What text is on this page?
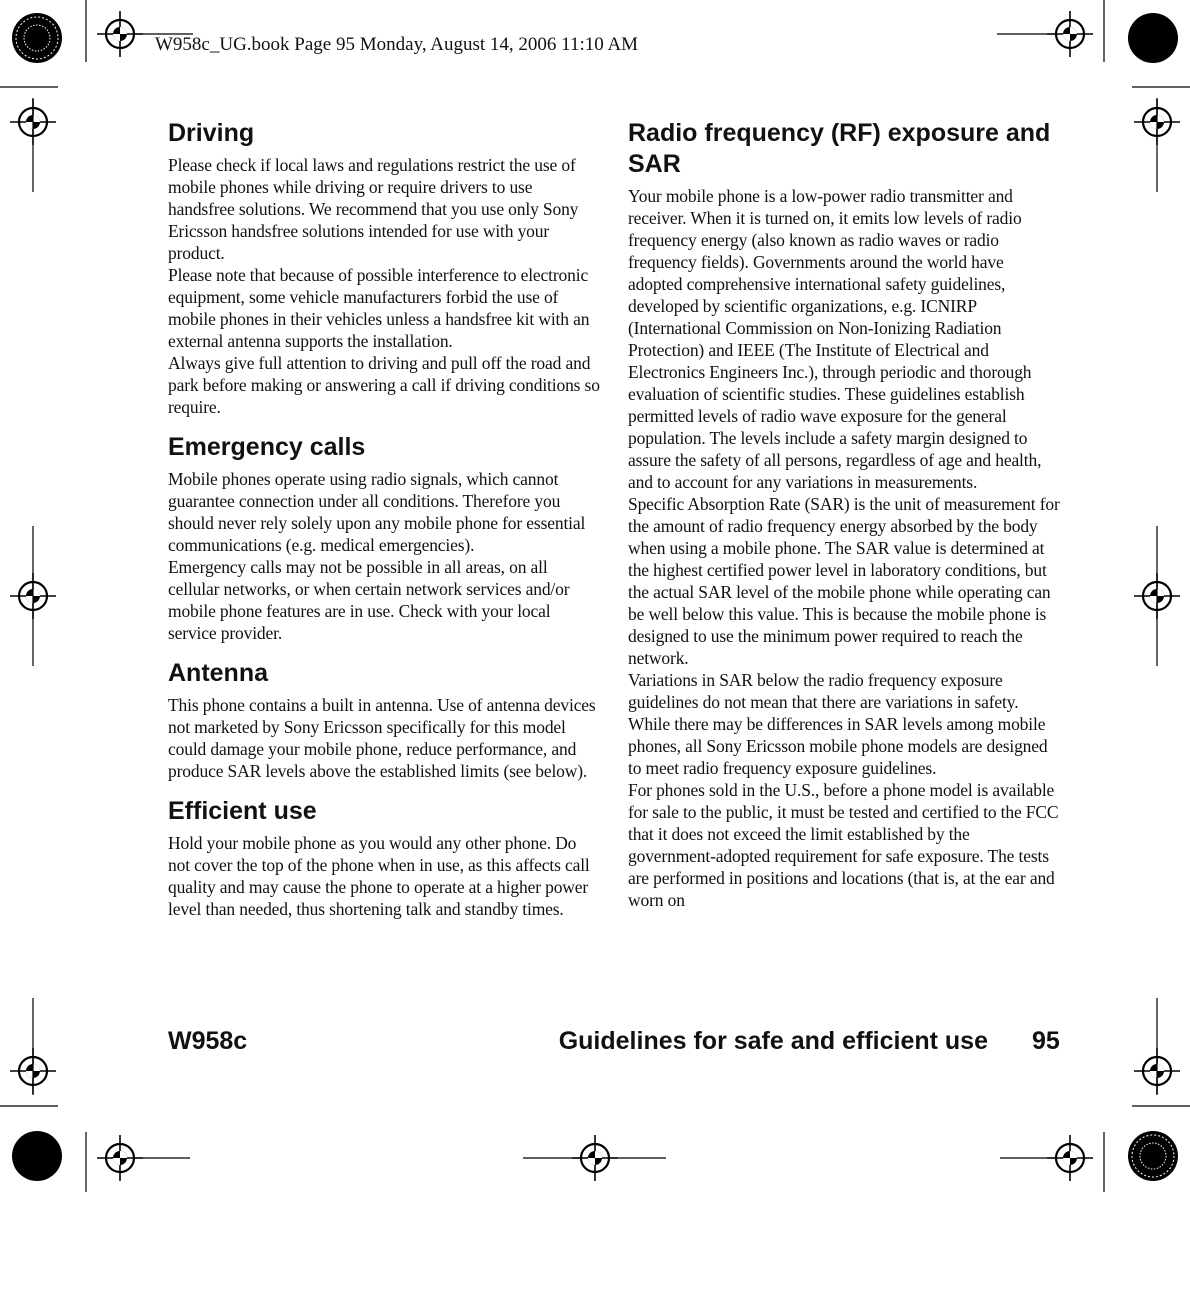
W958c_UG.book Page 95 Monday, August 14, 2006 11:10 AM
Driving

Please check if local laws and regulations restrict the use of mobile phones while driving or require drivers to use handsfree solutions. We recommend that you use only Sony Ericsson handsfree solutions intended for use with your product.

Please note that because of possible interference to electronic equipment, some vehicle manufacturers forbid the use of mobile phones in their vehicles unless a handsfree kit with an external antenna supports the installation.

Always give full attention to driving and pull off the road and park before making or answering a call if driving conditions so require.

Emergency calls

Mobile phones operate using radio signals, which cannot guarantee connection under all conditions. Therefore you should never rely solely upon any mobile phone for essential communications (e.g. medical emergencies).

Emergency calls may not be possible in all areas, on all cellular networks, or when certain network services and/or mobile phone features are in use. Check with your local service provider.

Antenna

This phone contains a built in antenna. Use of antenna devices not marketed by Sony Ericsson specifically for this model could damage your mobile phone, reduce performance, and produce SAR levels above the established limits (see below).

Efficient use

Hold your mobile phone as you would any other phone. Do not cover the top of the phone when in use, as this affects call quality and may cause the phone to operate at a higher power level than needed, thus shortening talk and standby times.

Radio frequency (RF) exposure and SAR

Your mobile phone is a low-power radio transmitter and receiver. When it is turned on, it emits low levels of radio frequency energy (also known as radio waves or radio frequency fields). Governments around the world have adopted comprehensive international safety guidelines, developed by scientific organizations, e.g. ICNIRP (International Commission on Non-Ionizing Radiation Protection) and IEEE (The Institute of Electrical and Electronics Engineers Inc.), through periodic and thorough evaluation of scientific studies. These guidelines establish permitted levels of radio wave exposure for the general population. The levels include a safety margin designed to assure the safety of all persons, regardless of age and health, and to account for any variations in measurements.

Specific Absorption Rate (SAR) is the unit of measurement for the amount of radio frequency energy absorbed by the body when using a mobile phone. The SAR value is determined at the highest certified power level in laboratory conditions, but the actual SAR level of the mobile phone while operating can be well below this value. This is because the mobile phone is designed to use the minimum power required to reach the network.

Variations in SAR below the radio frequency exposure guidelines do not mean that there are variations in safety. While there may be differences in SAR levels among mobile phones, all Sony Ericsson mobile phone models are designed to meet radio frequency exposure guidelines.

For phones sold in the U.S., before a phone model is available for sale to the public, it must be tested and certified to the FCC that it does not exceed the limit established by the government-adopted requirement for safe exposure. The tests are performed in positions and locations (that is, at the ear and worn on

W958c	Guidelines for safe and efficient use 95
